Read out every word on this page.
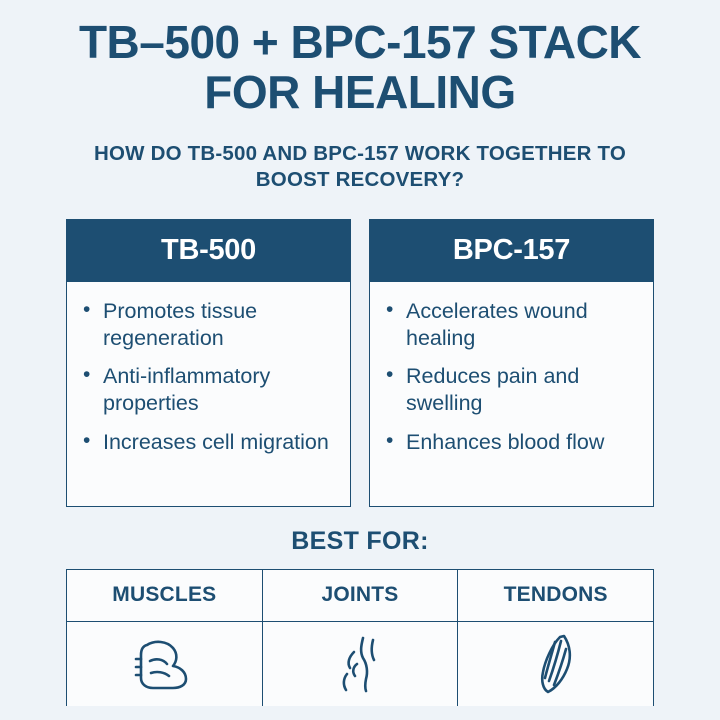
TB–500 + BPC-157 STACK FOR HEALING
HOW DO TB-500 AND BPC-157 WORK TOGETHER TO BOOST RECOVERY?
TB-500
• Promotes tissue regeneration
• Anti-inflammatory properties
• Increases cell migration
BPC-157
• Accelerates wound healing
• Reduces pain and swelling
• Enhances blood flow
BEST FOR:
MUSCLES	JOINTS	TENDONS
